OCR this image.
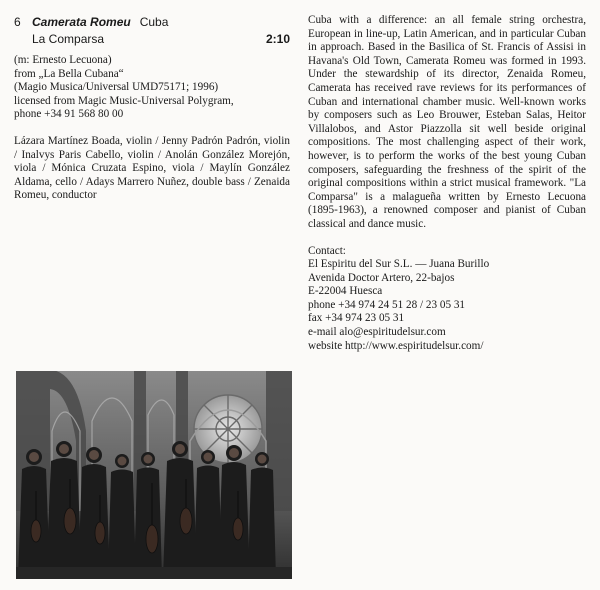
6 Camerata Romeu Cuba
La Comparsa	2:10
(m: Ernesto Lecuona)
from „La Bella Cubana“
(Magio Musica/Universal UMD75171; 1996)
licensed from Magic Music-Universal Polygram,
phone +34 91 568 80 00
Lázara Martínez Boada, violin / Jenny Padrón Padrón, violin / Inalvys Paris Cabello, violin / Anolán González Morejón, viola / Mónica Cruzata Espino, viola / Maylín González Aldama, cello / Adays Marrero Nuñez, double bass / Zenaida Romeu, conductor

Cuba with a difference: an all female string orchestra, European in line-up, Latin American, and in particular Cuban in approach. Based in the Basilica of St. Francis of Assisi in Havana's Old Town, Camerata Romeu was formed in 1993. Under the stewardship of its director, Zenaida Romeu, Camerata has received rave reviews for its performances of Cuban and international chamber music. Well-known works by composers such as Leo Brouwer, Esteban Salas, Heitor Villalobos, and Astor Piazzolla sit well beside original compositions. The most challenging aspect of their work, however, is to perform the works of the best young Cuban composers, safeguarding the freshness of the spirit of the original compositions within a strict musical framework. "La Comparsa" is a malagueña written by Ernesto Lecuona (1895-1963), a renowned composer and pianist of Cuban classical and dance music.

Contact:
El Espiritu del Sur S.L. — Juana Burillo
Avenida Doctor Artero, 22-bajos
E-22004 Huesca
phone +34 974 24 51 28 / 23 05 31
fax +34 974 23 05 31
e-mail alo@espiritudelsur.com
website http://www.espiritudelsur.com/
